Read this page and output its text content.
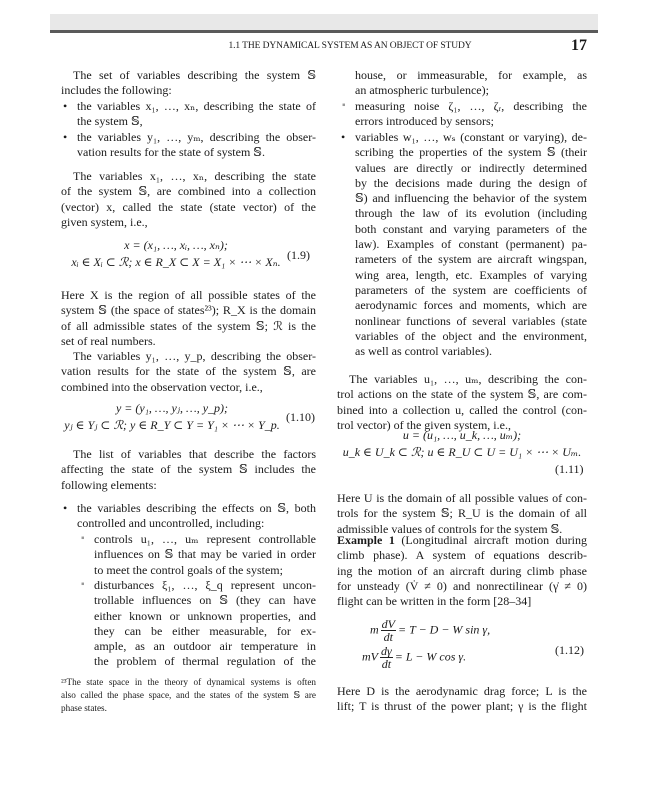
1.1 THE DYNAMICAL SYSTEM AS AN OBJECT OF STUDY	17
The set of variables describing the system 𝕊
includes the following:
• the variables x₁, …, xₙ, describing the state of
the system 𝕊,
• the variables y₁, …, yₘ, describing the obser-
vation results for the state of system 𝕊.
The variables x₁, …, xₙ, describing the state
of the system 𝕊, are combined into a collection
(vector) x, called the state (state vector) of the
given system, i.e.,
x = (x₁, …, xᵢ, …, xₙ);
xᵢ ∈ Xᵢ ⊂ ℛ; x ∈ R_X ⊂ X = X₁ × ⋯ × Xₙ. (1.9)
Here X is the region of all possible states of the
system 𝕊 (the space of states²³); R_X is the domain
of all admissible states of the system 𝕊; ℛ is the
set of real numbers.
The variables y₁, …, y_p, describing the obser-
vation results for the state of the system 𝕊, are
combined into the observation vector, i.e.,
y = (y₁, …, yⱼ, …, y_p);
yⱼ ∈ Yⱼ ⊂ ℛ; y ∈ R_Y ⊂ Y = Y₁ × ⋯ × Y_p.
(1.10)
The list of variables that describe the factors
affecting the state of the system 𝕊 includes the
following elements:
• the variables describing the effects on 𝕊, both
controlled and uncontrolled, including:
▪ controls u₁, …, uₘ represent controllable
influences on 𝕊 that may be varied in order
to meet the control goals of the system;
▪ disturbances ξ₁, …, ξ_q represent uncon-
trollable influences on 𝕊 (they can have
either known or unknown properties, and
they can be either measurable, for ex-
ample, as an outdoor air temperature in
the problem of thermal regulation of the
²³The state space in the theory of dynamical systems is often
also called the phase space, and the states of the system 𝕊 are
phase states.
house, or immeasurable, for example, as
an atmospheric turbulence);
▪ measuring noise ζ₁, …, ζᵣ, describing the
errors introduced by sensors;
• variables w₁, …, wₛ (constant or varying), de-
scribing the properties of the system 𝕊 (their
values are directly or indirectly determined
by the decisions made during the design of
𝕊) and influencing the behavior of the system
through the law of its evolution (including
both constant and varying parameters of the
law). Examples of constant (permanent) pa-
rameters of the system are aircraft wingspan,
wing area, length, etc. Examples of varying
parameters of the system are coefficients of
aerodynamic forces and moments, which are
nonlinear functions of several variables (state
variables of the object and the environment,
as well as control variables).
The variables u₁, …, uₘ, describing the con-
trol actions on the state of the system 𝕊, are com-
bined into a collection u, called the control (con-
trol vector) of the given system, i.e.,
u = (u₁, …, u_k, …, uₘ);
u_k ∈ U_k ⊂ ℛ; u ∈ R_U ⊂ U = U₁ × ⋯ × Uₘ.
(1.11)
Here U is the domain of all possible values of con-
trols for the system 𝕊; R_U is the domain of all
admissible values of controls for the system 𝕊.
Example 1 (Longitudinal aircraft motion during
climb phase). A system of equations describ-
ing the motion of an aircraft during climb phase
for unsteady (V̇ ≠ 0) and nonrectilinear (γ̇ ≠ 0)
flight can be written in the form [28–34]
m $\frac{dV}{dt} = T - D - W$ sin γ,
mV $\frac{d\gamma}{dt} = L - W$ cos γ.	(1.12)
Here D is the aerodynamic drag force; L is the
lift; T is thrust of the power plant; γ is the flight
